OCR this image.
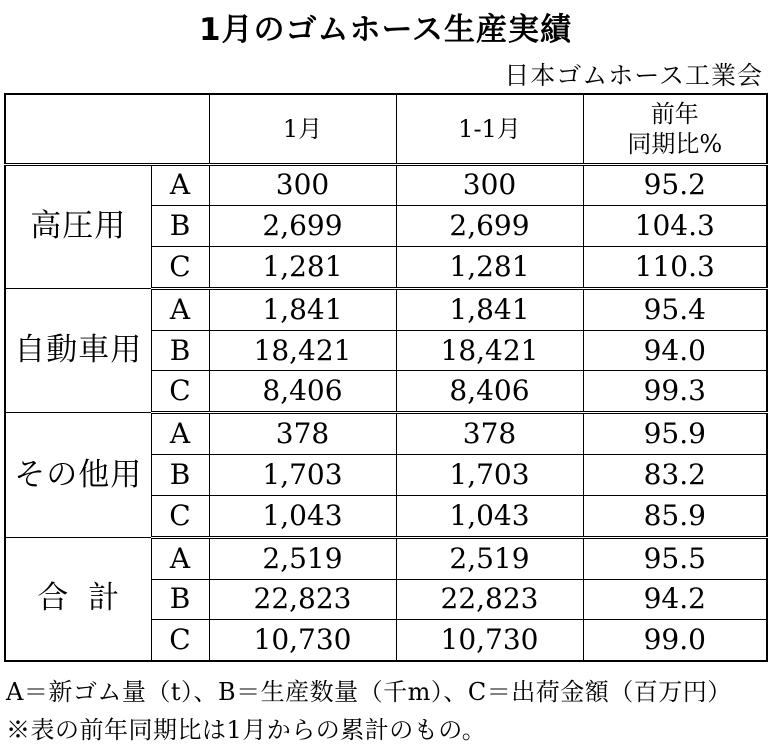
1月のゴムホース生産実績
日本ゴムホース工業会
		1月	1-1月	前年
同期比%

高圧用	A	300	300	95.2
	B	2,699	2,699	104.3
	C	1,281	1,281	110.3
自動車用	A	1,841	1,841	95.4
	B	18,421	18,421	94.0
	C	8,406	8,406	99.3
その他用	A	378	378	95.9
	B	1,703	1,703	83.2
	C	1,043	1,043	85.9
合計	A	2,519	2,519	95.5
	B	22,823	22,823	94.2
	C	10,730	10,730	99.0
A＝新ゴム量（t）、B＝生産数量（千m）、C＝出荷金額（百万円）
※表の前年同期比は1月からの累計のもの。
